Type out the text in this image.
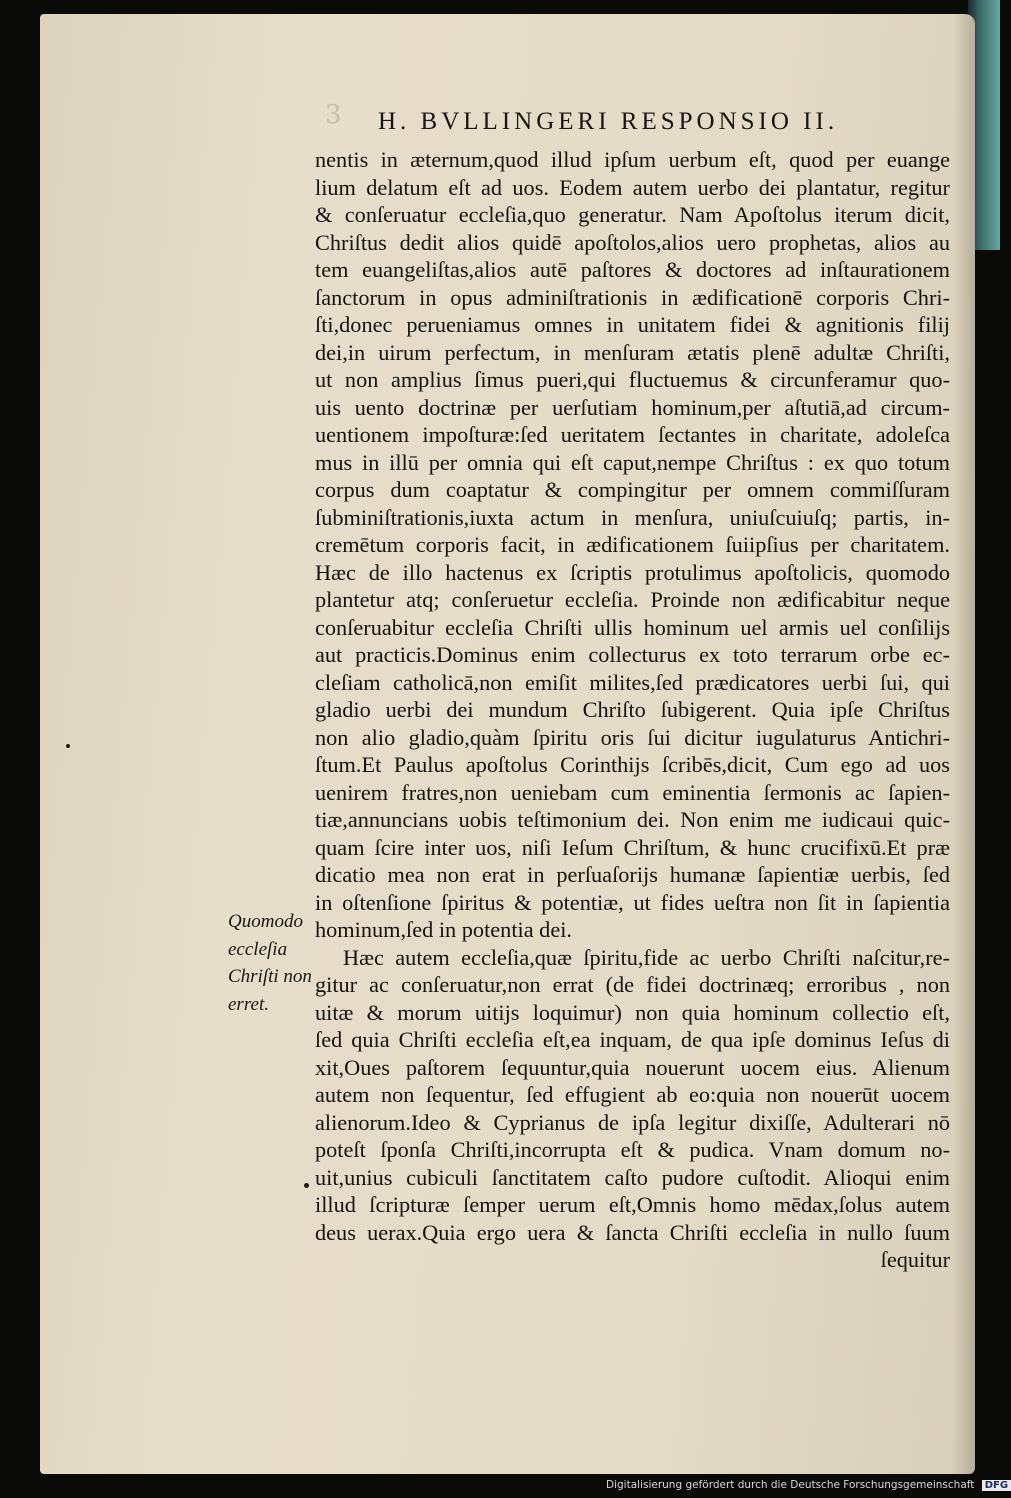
3 H. BVLLINGERI RESPONSIO II.
nentis in æternum,quod illud ipſum uerbum eſt, quod per euange
lium delatum eſt ad uos. Eodem autem uerbo dei plantatur, regitur
& conſeruatur eccleſia,quo generatur. Nam Apoſtolus iterum dicit,
Chriſtus dedit alios quidē apoſtolos,alios uero prophetas, alios au
tem euangeliſtas,alios autē paſtores & doctores ad inſtaurationem
ſanctorum in opus adminiſtrationis in ædificationē corporis Chri-
ſti,donec perueniamus omnes in unitatem fidei & agnitionis filij
dei,in uirum perfectum, in menſuram ætatis plenē adultæ Chriſti,
ut non amplius ſimus pueri,qui fluctuemus & circunferamur quo-
uis uento doctrinæ per uerſutiam hominum,per aſtutiā,ad circum-
uentionem impoſturæ:ſed ueritatem ſectantes in charitate, adoleſca
mus in illū per omnia qui eſt caput,nempe Chriſtus : ex quo totum
corpus dum coaptatur & compingitur per omnem commiſſuram
ſubminiſtrationis,iuxta actum in menſura, uniuſcuiuſq; partis, in-
cremētum corporis facit, in ædificationem ſuiipſius per charitatem.
Hæc de illo hactenus ex ſcriptis protulimus apoſtolicis, quomodo
plantetur atq; conſeruetur eccleſia. Proinde non ædificabitur neque
conſeruabitur eccleſia Chriſti ullis hominum uel armis uel conſilijs
aut practicis.Dominus enim collecturus ex toto terrarum orbe ec-
cleſiam catholicā,non emiſit milites,ſed prædicatores uerbi ſui, qui
gladio uerbi dei mundum Chriſto ſubigerent. Quia ipſe Chriſtus
non alio gladio,quàm ſpiritu oris ſui dicitur iugulaturus Antichri-
ſtum.Et Paulus apoſtolus Corinthijs ſcribēs,dicit, Cum ego ad uos
uenirem fratres,non ueniebam cum eminentia ſermonis ac ſapien-
tiæ,annuncians uobis teſtimonium dei. Non enim me iudicaui quic-
quam ſcire inter uos, niſi Ieſum Chriſtum, & hunc crucifixū.Et præ
dicatio mea non erat in perſuaſorijs humanæ ſapientiæ uerbis, ſed
in oſtenſione ſpiritus & potentiæ, ut fides ueſtra non ſit in ſapientia
hominum,ſed in potentia dei.
Hæc autem eccleſia,quæ ſpiritu,fide ac uerbo Chriſti naſcitur,re-
gitur ac conſeruatur,non errat (de fidei doctrinæq; erroribus , non
uitæ & morum uitijs loquimur) non quia hominum collectio eſt,
ſed quia Chriſti eccleſia eſt,ea inquam, de qua ipſe dominus Ieſus di
xit,Oues paſtorem ſequuntur,quia nouerunt uocem eius. Alienum
autem non ſequentur, ſed effugient ab eo:quia non nouerūt uocem
alienorum.Ideo & Cyprianus de ipſa legitur dixiſſe, Adulterari nō
poteſt ſponſa Chriſti,incorrupta eſt & pudica. Vnam domum no-
uit,unius cubiculi ſanctitatem caſto pudore cuſtodit. Alioqui enim
illud ſcripturæ ſemper uerum eſt,Omnis homo mēdax,ſolus autem
deus uerax.Quia ergo uera & ſancta Chriſti eccleſia in nullo ſuum
ſequitur
Quomodo
eccleſia
Chriſti non
erret.
Digitalisierung gefördert durch die Deutsche Forschungsgemeinschaft DFG
